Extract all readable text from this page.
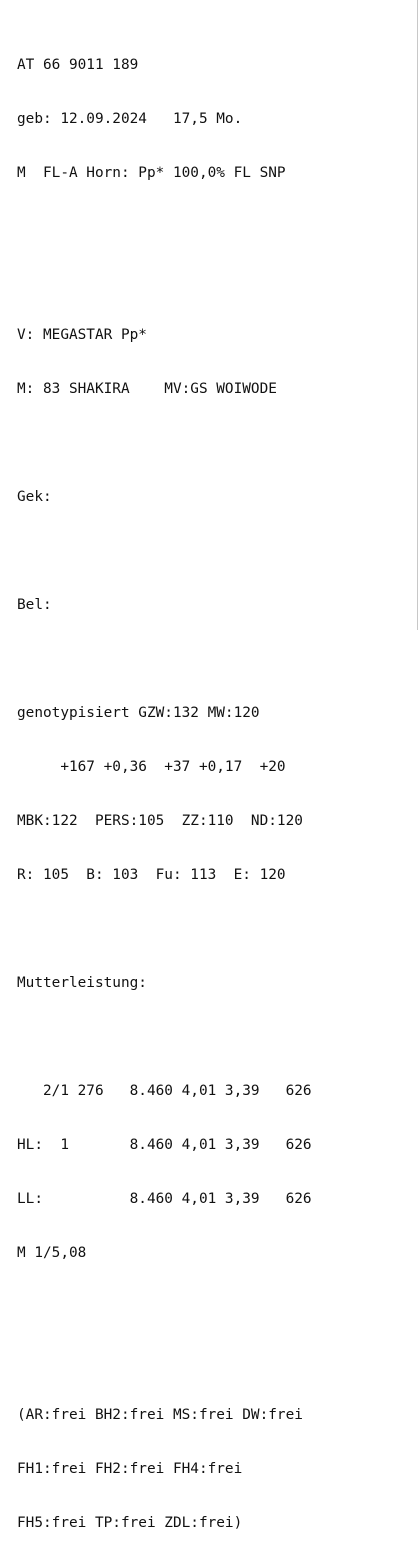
AT 66 9011 189

geb: 12.09.2024   17,5 Mo.

M  FL-A Horn: Pp* 100,0% FL SNP

V: MEGASTAR Pp*

M: 83 SHAKIRA    MV:GS WOIWODE

Gek:

Bel:

genotypisiert GZW:132 MW:120

+167 +0,36  +37 +0,17  +20

MBK:122  PERS:105  ZZ:110  ND:120

R: 105  B: 103  Fu: 113  E: 120

Mutterleistung:

2/1 276   8.460 4,01 3,39   626

HL:  1       8.460 4,01 3,39   626

LL:          8.460 4,01 3,39   626

M 1/5,08

(AR:frei BH2:frei MS:frei DW:frei

FH1:frei FH2:frei FH4:frei

FH5:frei TP:frei ZDL:frei)
